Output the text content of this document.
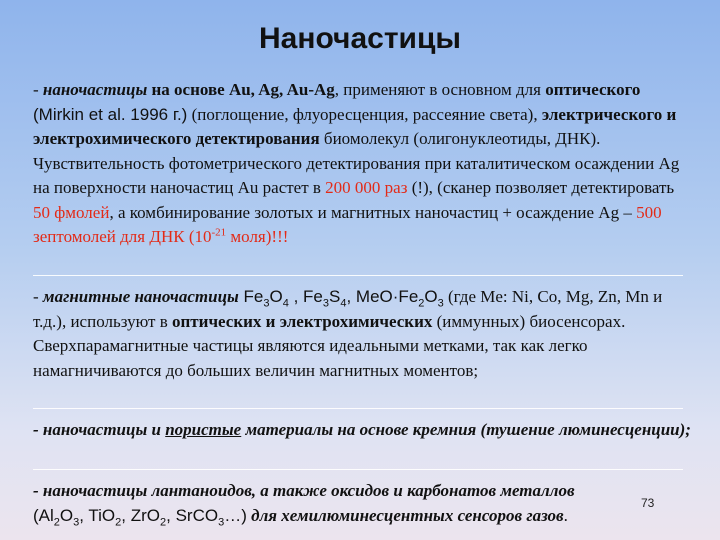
Наночастицы

- наночастицы на основе Au, Ag, Au-Ag, применяют в основном для оптического (Mirkin et al. 1996 г.) (поглощение, флуоресценция, рассеяние света), электрического и электрохимического детектирования биомолекул (олигонуклеотиды, ДНК). Чувствительность фотометрического детектирования при каталитическом осаждении Ag на поверхности наночастиц Au растет в 200 000 раз (!), (сканер позволяет детектировать 50 фмолей, а комбинирование золотых и магнитных наночастиц + осаждение Ag – 500 зептомолей для ДНК ($10^{-21}$ моля)!!!

- магнитные наночастицы $Fe_3O_4$ , $Fe_3S_4$, $MeO\cdot Fe_2O_3$ (где Me: Ni, Co, Mg, Zn, Mn и т.д.), используют в оптических и электрохимических (иммунных) биосенсорах. Сверхпарамагнитные частицы являются идеальными метками, так как легко намагничиваются до больших величин магнитных моментов;

- наночастицы и пористые материалы на основе кремния (тушение люминесценции);

- наночастицы лантаноидов, а также оксидов и карбонатов металлов
($Al_2O_3$, TiO$_2$, ZrO$_2$, SrCO$_3$…) для хемилюминесцентных сенсоров газов.

73
